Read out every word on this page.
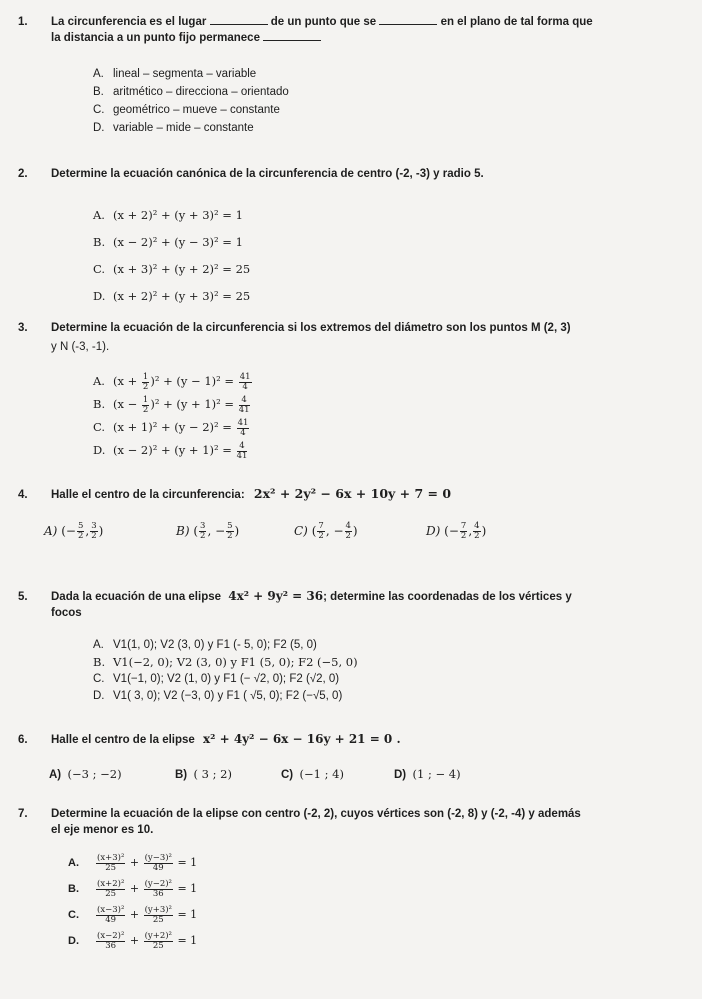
1. La circunferencia es el lugar	de un punto que se	en el plano de tal forma que
la distancia a un punto fijo permanece
A. lineal – segmenta – variable
B. aritmético – direcciona – orientado
C. geométrico – mueve – constante
D. variable – mide – constante
2. Determine la ecuación canónica de la circunferencia de centro (-2, -3) y radio 5.
A. (x + 2)² + (y + 3)² = 1
B. (x − 2)² + (y − 3)² = 1
C. (x + 3)² + (y + 2)² = 25
D. (x + 2)² + (y + 3)² = 25
3. Determine la ecuación de la circunferencia si los extremos del diámetro son los puntos M (2, 3)
y N (-3, -1).
A. $(x + \frac{1}{2} )^2 + (y - 1)^2 = \frac{41}{4}$
B. $(x - \frac{1}{2} )^2 + (y + 1)^2 = \frac{4}{41}$
C. $(x + 1)^2 + (y - 2)^2 = \frac{41}{4}$
D. $(x - 2)^2 + (y + 1)^2 = \frac{4}{41}$
4. Halle el centro de la circunferencia: 2x² + 2y² − 6x + 10y + 7 = 0
A) (− $\frac{5}{2}$ , $\frac{3}{2}$ )	B) ( $\frac{3}{2}$ , − $\frac{5}{2}$ )	C) ( $\frac{7}{2}$ , − $\frac{4}{2}$ )	D) (− $\frac{7}{2}$ , $\frac{4}{2}$ )
5. Dada la ecuación de una elipse 4x² + 9y² = 36; determine las coordenadas de los vértices y
focos
A. V1(1, 0); V2 (3, 0) y F1 (- 5, 0); F2 (5, 0)
B. V1(−2, 0); V2 (3, 0) y F1 (5, 0); F2 (−5, 0)
C. V1(−1, 0); V2 (1, 0) y F1 (− √2, 0); F2 (√2, 0)
D. V1( 3, 0); V2 (−3, 0) y F1 ( √5, 0); F2 (−√5, 0)
6. Halle el centro de la elipse x² + 4y² − 6x − 16y + 21 = 0 .
A) (−3 ; −2)	B) ( 3 ; 2)	C) (−1 ; 4)	D) (1 ; − 4)
7. Determine la ecuación de la elipse con centro (-2, 2), cuyos vértices son (-2, 8) y (-2, -4) y además
el eje menor es 10.
A. $\frac{\text{(x+3)²}}{25} + \frac{\text{(y−3)²}}{49} = 1$
B. $\frac{\text{(x+2)²}}{25} + \frac{\text{(y−2)²}}{36} = 1$
C. $\frac{\text{(x−3)²}}{49} + \frac{\text{(y+3)²}}{25} = 1$
D. $\frac{\text{(x−2)²}}{36} + \frac{\text{(y+2)²}}{25} = 1$
